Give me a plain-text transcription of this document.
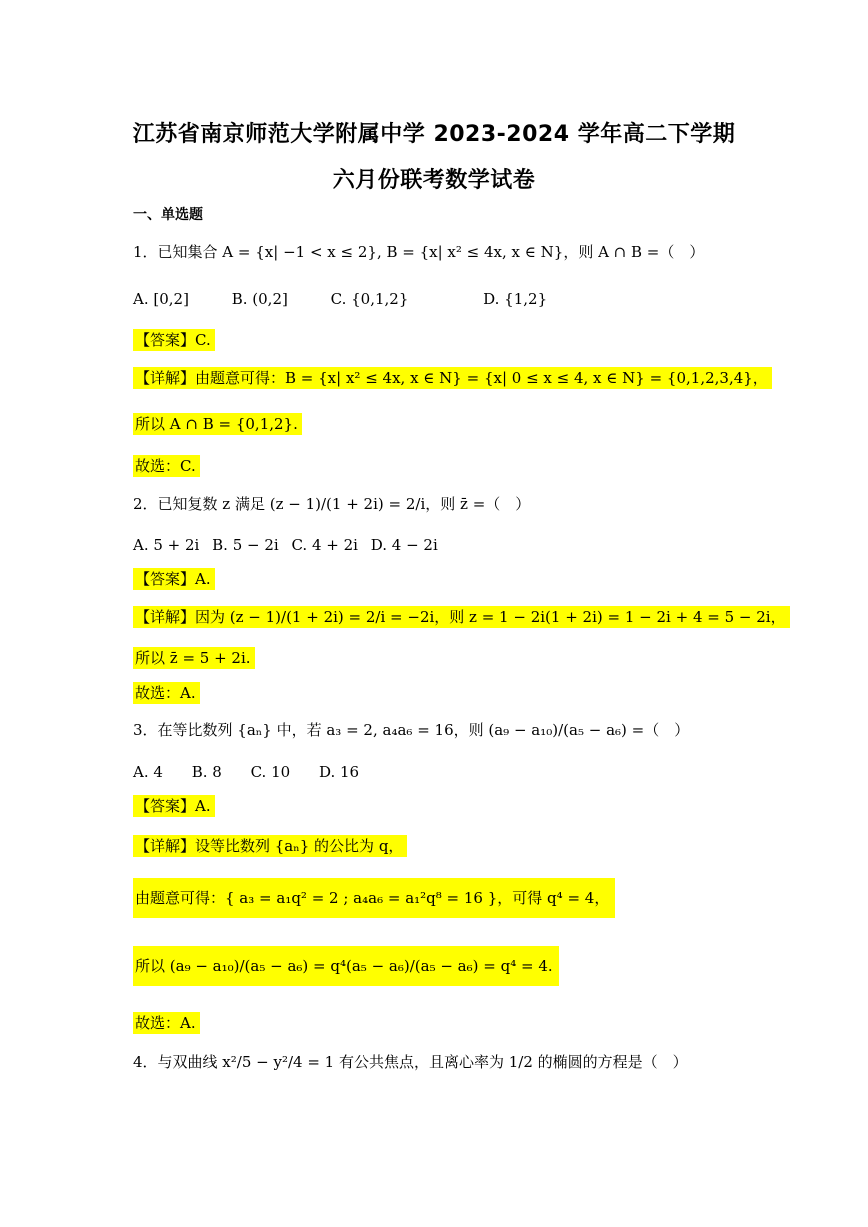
江苏省南京师范大学附属中学 2023-2024 学年高二下学期
六月份联考数学试卷
一、单选题
1．已知集合 A = {x| −1 < x ≤ 2}, B = {x| x² ≤ 4x, x ∈ N}，则 A ∩ B =（　）
A. [0,2]	B. (0,2]	C. {0,1,2}	D. {1,2}
【答案】C.
【详解】由题意可得：B = {x| x² ≤ 4x, x ∈ N} = {x| 0 ≤ x ≤ 4, x ∈ N} = {0,1,2,3,4}，
所以 A ∩ B = {0,1,2}.
故选：C.
2．已知复数 z 满足 (z − 1)/(1 + 2i) = 2/i，则 z̄ =（　）
A. 5 + 2i B. 5 − 2i C. 4 + 2i D. 4 − 2i
【答案】A.
【详解】因为 (z − 1)/(1 + 2i) = 2/i = −2i，则 z = 1 − 2i(1 + 2i) = 1 − 2i + 4 = 5 − 2i，
所以 z̄ = 5 + 2i.
故选：A.
3．在等比数列 {aₙ} 中，若 a₃ = 2, a₄a₆ = 16，则 (a₉ − a₁₀)/(a₅ − a₆) =（　）
A. 4 B. 8 C. 10 D. 16
【答案】A.
【详解】设等比数列 {aₙ} 的公比为 q，
由题意可得：{ a₃ = a₁q² = 2 ; a₄a₆ = a₁²q⁸ = 16 }，可得 q⁴ = 4，
所以 (a₉ − a₁₀)/(a₅ − a₆) = q⁴(a₅ − a₆)/(a₅ − a₆) = q⁴ = 4.
故选：A.
4．与双曲线 x²/5 − y²/4 = 1 有公共焦点，且离心率为 1/2 的椭圆的方程是（　）
